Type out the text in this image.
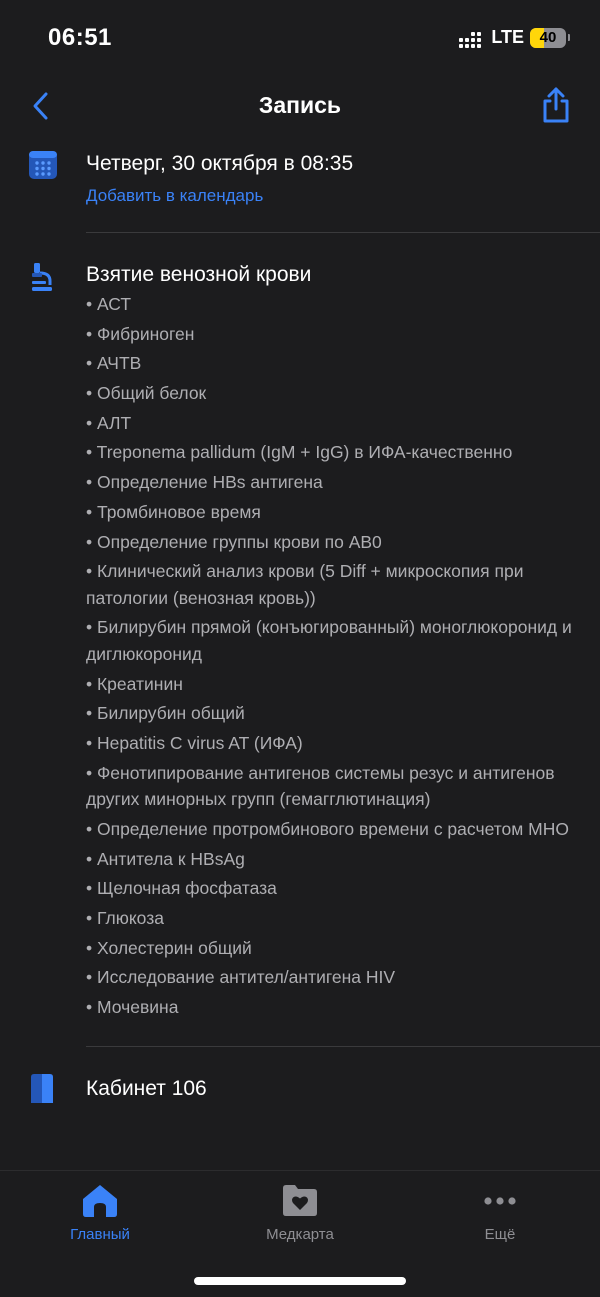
06:51	LTE 40
Запись
Четверг, 30 октября в 08:35
Добавить в календарь
Взятие венозной крови
• АСТ
• Фибриноген
• АЧТВ
• Общий белок
• АЛТ
• Treponema pallidum (IgM + IgG) в ИФА-качественно
• Определение HBs антигена
• Тромбиновое время
• Определение группы крови по АВ0
• Клинический анализ крови (5 Diff + микроскопия при патологии (венозная кровь))
• Билирубин прямой (конъюгированный) моноглюкоронид и диглюкоронид
• Креатинин
• Билирубин общий
• Hepatitis C virus AT (ИФА)
• Фенотипирование антигенов системы резус и антигенов других минорных групп (гемагглютинация)
• Определение протромбинового времени с расчетом МНО
• Антитела к HBsAg
• Щелочная фосфатаза
• Глюкоза
• Холестерин общий
• Исследование антител/антигена HIV
• Мочевина
Кабинет 106
Главный	Медкарта	Ещё
